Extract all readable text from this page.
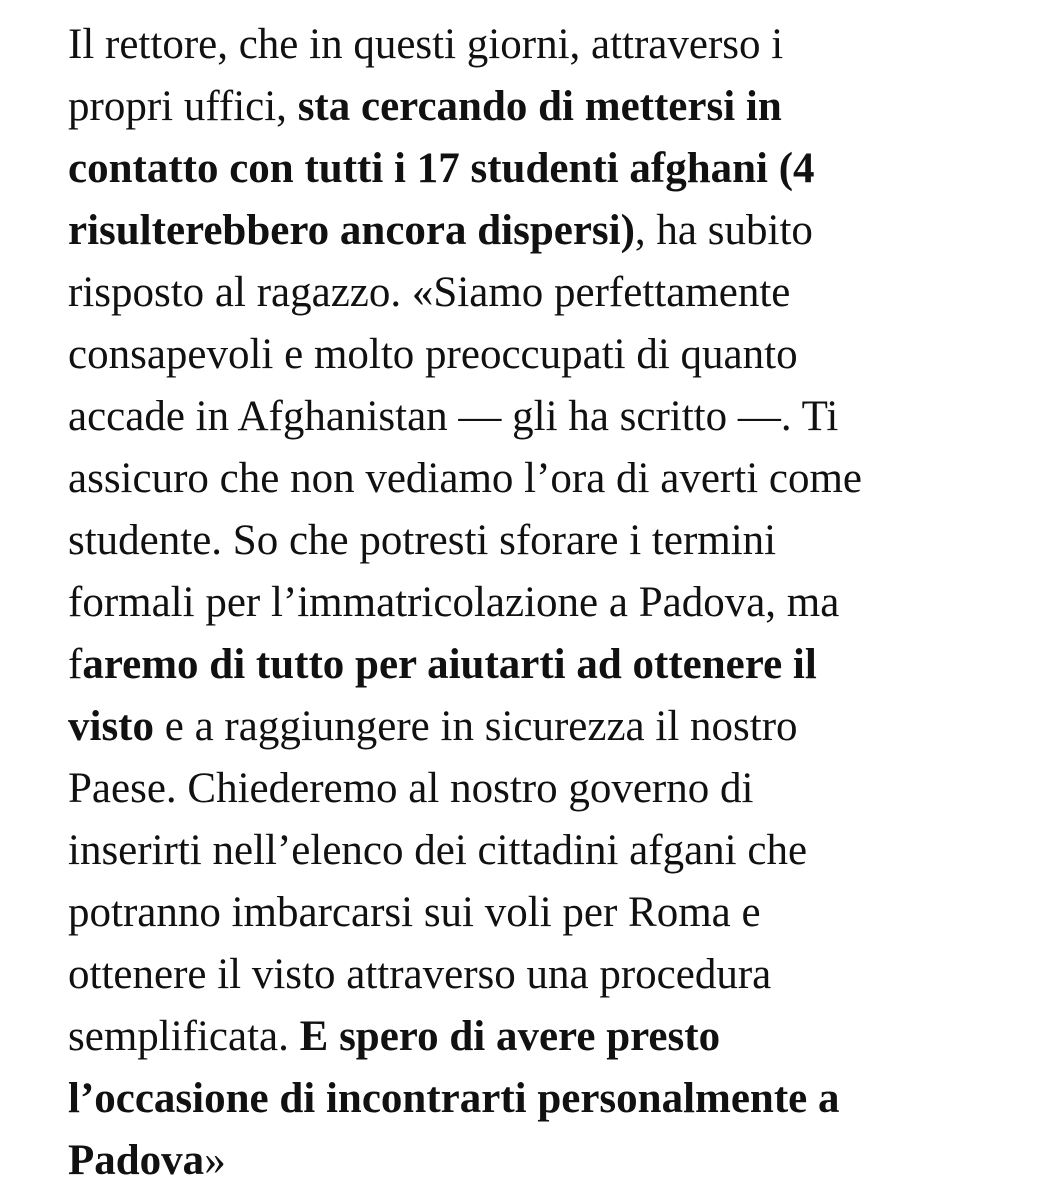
Il rettore, che in questi giorni, attraverso i
propri uffici, sta cercando di mettersi in
contatto con tutti i 17 studenti afghani (4
risulterebbero ancora dispersi), ha subito
risposto al ragazzo. «Siamo perfettamente
consapevoli e molto preoccupati di quanto
accade in Afghanistan — gli ha scritto —. Ti
assicuro che non vediamo l’ora di averti come
studente. So che potresti sforare i termini
formali per l’immatricolazione a Padova, ma
faremo di tutto per aiutarti ad ottenere il
visto e a raggiungere in sicurezza il nostro
Paese. Chiederemo al nostro governo di
inserirti nell’elenco dei cittadini afgani che
potranno imbarcarsi sui voli per Roma e
ottenere il visto attraverso una procedura
semplificata. E spero di avere presto
l’occasione di incontrarti personalmente a
Padova»
